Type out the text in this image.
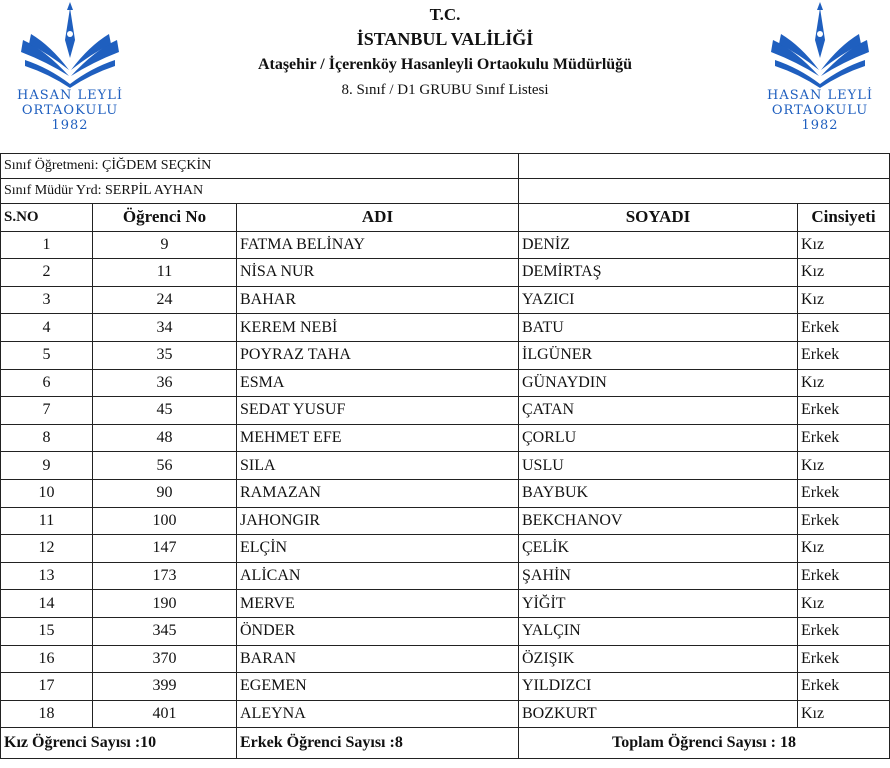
HASAN LEYLİ
ORTAOKULU
1982
HASAN LEYLİ
ORTAOKULU
1982
T.C.
İSTANBUL VALİLİĞİ
Ataşehir / İçerenköy Hasanleyli Ortaokulu Müdürlüğü
8. Sınıf / D1 GRUBU Sınıf Listesi
Sınıf Öğretmeni: ÇİĞDEM SEÇKİN				
Sınıf Müdür Yrd: SERPİL AYHAN				
S.NO	Öğrenci No	ADI	SOYADI	Cinsiyeti
1	9	FATMA BELİNAY	DENİZ	Kız
2	11	NİSA NUR	DEMİRTAŞ	Kız
3	24	BAHAR	YAZICI	Kız
4	34	KEREM NEBİ	BATU	Erkek
5	35	POYRAZ TAHA	İLGÜNER	Erkek
6	36	ESMA	GÜNAYDIN	Kız
7	45	SEDAT YUSUF	ÇATAN	Erkek
8	48	MEHMET EFE	ÇORLU	Erkek
9	56	SILA	USLU	Kız
10	90	RAMAZAN	BAYBUK	Erkek
11	100	JAHONGIR	BEKCHANOV	Erkek
12	147	ELÇİN	ÇELİK	Kız
13	173	ALİCAN	ŞAHİN	Erkek
14	190	MERVE	YİĞİT	Kız
15	345	ÖNDER	YALÇIN	Erkek
16	370	BARAN	ÖZIŞIK	Erkek
17	399	EGEMEN	YILDIZCI	Erkek
18	401	ALEYNA	BOZKURT	Kız
Kız Öğrenci Sayısı :10		Erkek Öğrenci Sayısı :8	Toplam Öğrenci Sayısı : 18	
